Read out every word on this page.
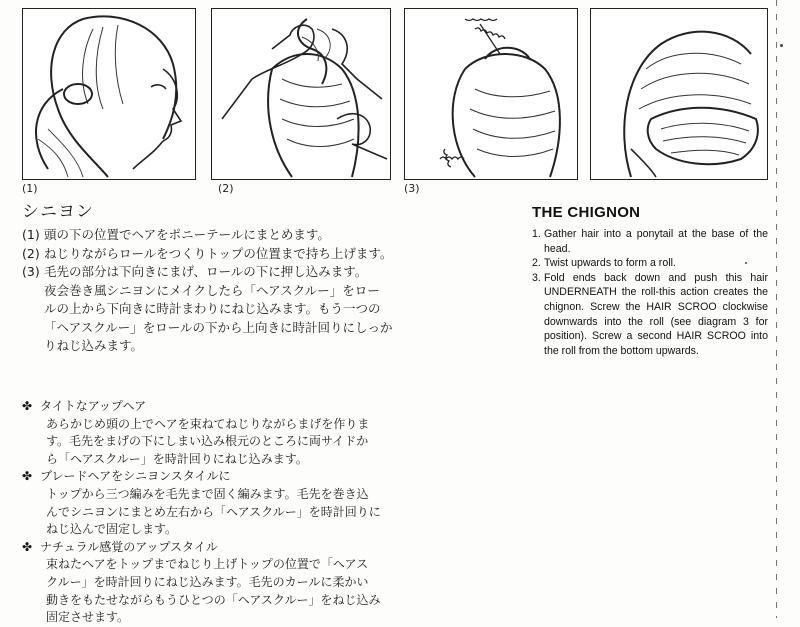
(1)	(2)	(3)
シニヨン
(1) 頭の下の位置でヘアをポニーテールにまとめます。
(2) ねじりながらロールをつくりトップの位置まで持ち上げます。
(3) 毛先の部分は下向きにまげ、ロールの下に押し込みます。
夜会巻き風シニヨンにメイクしたら「ヘアスクルー」をロー
ルの上から下向きに時計まわりにねじ込みます。もう一つの
「ヘアスクルー」をロールの下から上向きに時計回りにしっか
りねじ込みます。
✤ タイトなアップヘア
あらかじめ頭の上でヘアを束ねてねじりながらまげを作りま
す。毛先をまげの下にしまい込み根元のところに両サイドか
ら「ヘアスクルー」を時計回りにねじ込みます。
✤ ブレードヘアをシニヨンスタイルに
トップから三つ編みを毛先まで固く編みます。毛先を巻き込
んでシニヨンにまとめ左右から「ヘアスクルー」を時計回りに
ねじ込んで固定します。
✤ ナチュラル感覚のアップスタイル
束ねたヘアをトップまでねじり上げトップの位置で「ヘアス
クルー」を時計回りにねじ込みます。毛先のカールに柔かい
動きをもたせながらもうひとつの「ヘアスクルー」をねじ込み
固定させます。
THE CHIGNON
1. Gather hair into a ponytail at the base of the head.
2. Twist upwards to form a roll.
3. Fold ends back down and push this hair UNDERNEATH the roll-this action creates the chignon. Screw the HAIR SCROO clockwise downwards into the roll (see diagram 3 for position). Screw a second HAIR SCROO into the roll from the bottom upwards.
